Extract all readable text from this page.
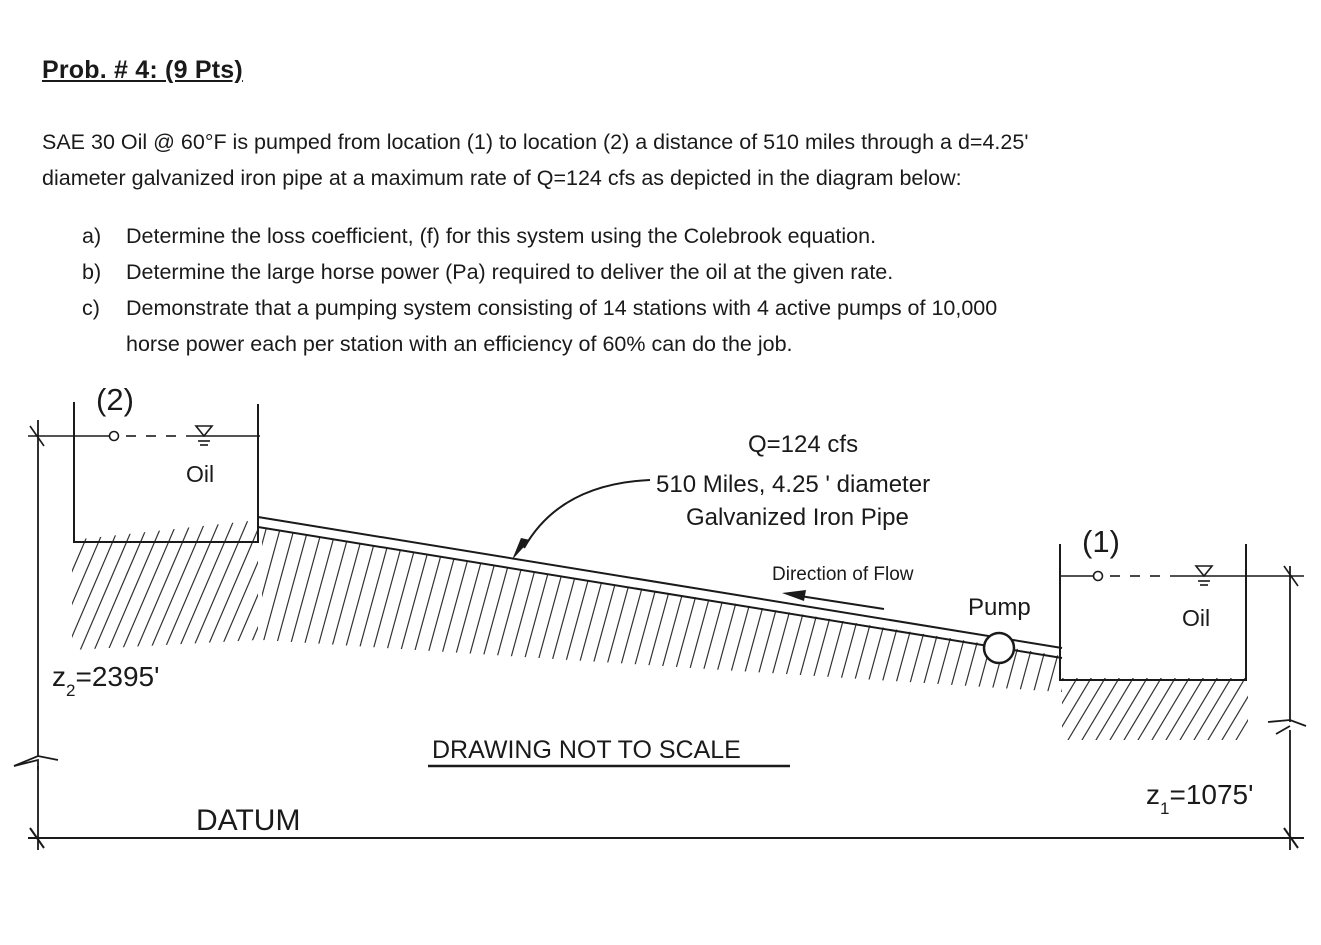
Prob. # 4: (9 Pts)
SAE 30 Oil @ 60°F is pumped from location (1) to location (2) a distance of 510 miles through a d=4.25'
diameter galvanized iron pipe at a maximum rate of Q=124 cfs as depicted in the diagram below:
a) Determine the loss coefficient, (f) for this system using the Colebrook equation.
b) Determine the large horse power (Pa) required to deliver the oil at the given rate.
c) Demonstrate that a pumping system consisting of 14 stations with 4 active pumps of 10,000
horse power each per station with an efficiency of 60% can do the job.
(2)
(1)
Oil
Oil
Q=124 cfs
510 Miles, 4.25 ' diameter
Galvanized Iron Pipe
Direction of Flow
Pump
$z_2=2395'$
$z_1=1075'$
DRAWING NOT TO SCALE
DATUM
